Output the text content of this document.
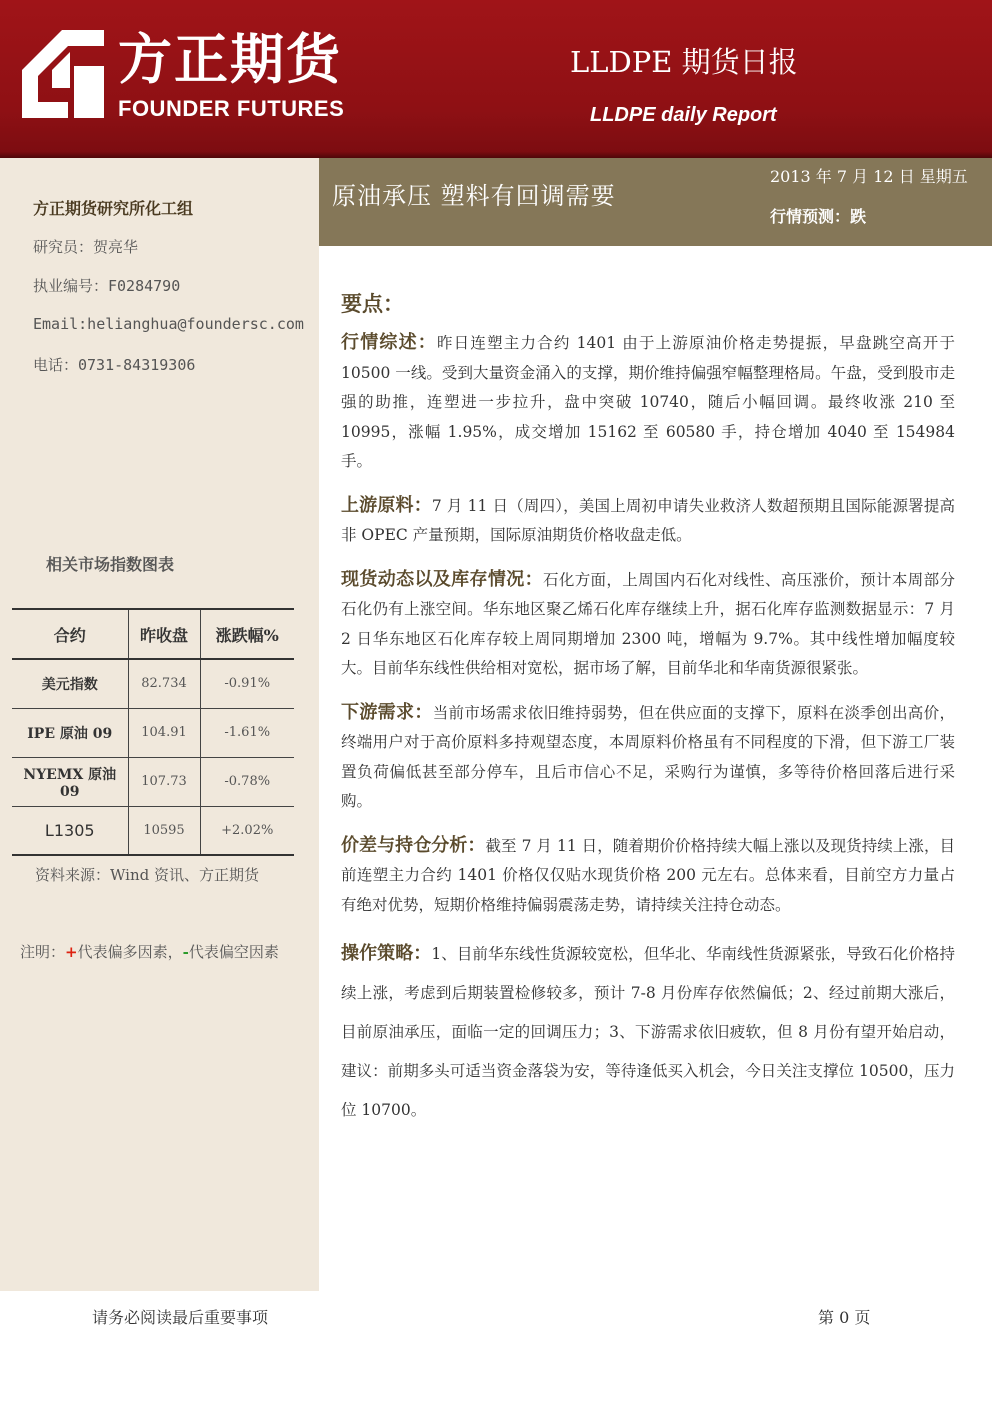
方正期货
FOUNDER FUTURES
LLDPE 期货日报
LLDPE daily Report
方正期货研究所化工组
研究员：贺亮华
执业编号：F0284790
Email:helianghua@foundersc.com
电话：0731-84319306
相关市场指数图表
合约	昨收盘	涨跌幅%
美元指数	82.734	-0.91%
IPE 原油 09	104.91	-1.61%
NYEMX 原油 09	107.73	-0.78%
L1305	10595	+2.02%
资料来源：Wind 资讯、方正期货
注明：+代表偏多因素，-代表偏空因素
原油承压 塑料有回调需要
2013 年 7 月 12 日 星期五
行情预测：跌
要点：

行情综述：昨日连塑主力合约 1401 由于上游原油价格走势提振，早盘跳空高开于 10500 一线。受到大量资金涌入的支撑，期价维持偏强窄幅整理格局。午盘，受到股市走强的助推，连塑进一步拉升，盘中突破 10740，随后小幅回调。最终收涨 210 至 10995，涨幅 1.95%，成交增加 15162 至 60580 手，持仓增加 4040 至 154984 手。

上游原料：7 月 11 日（周四），美国上周初申请失业救济人数超预期且国际能源署提高非 OPEC 产量预期，国际原油期货价格收盘走低。

现货动态以及库存情况：石化方面，上周国内石化对线性、高压涨价，预计本周部分石化仍有上涨空间。华东地区聚乙烯石化库存继续上升，据石化库存监测数据显示：7 月 2 日华东地区石化库存较上周同期增加 2300 吨，增幅为 9.7%。其中线性增加幅度较大。目前华东线性供给相对宽松，据市场了解，目前华北和华南货源很紧张。

下游需求：当前市场需求依旧维持弱势，但在供应面的支撑下，原料在淡季创出高价，终端用户对于高价原料多持观望态度，本周原料价格虽有不同程度的下滑，但下游工厂装置负荷偏低甚至部分停车，且后市信心不足，采购行为谨慎，多等待价格回落后进行采购。

价差与持仓分析：截至 7 月 11 日，随着期价价格持续大幅上涨以及现货持续上涨，目前连塑主力合约 1401 价格仅仅贴水现货价格 200 元左右。总体来看，目前空方力量占有绝对优势，短期价格维持偏弱震荡走势，请持续关注持仓动态。

操作策略：1、目前华东线性货源较宽松，但华北、华南线性货源紧张，导致石化价格持续上涨，考虑到后期装置检修较多，预计 7-8 月份库存依然偏低；2、经过前期大涨后，目前原油承压，面临一定的回调压力；3、下游需求依旧疲软，但 8 月份有望开始启动，建议：前期多头可适当资金落袋为安，等待逢低买入机会，今日关注支撑位 10500，压力位 10700。

请务必阅读最后重要事项	第 0 页
